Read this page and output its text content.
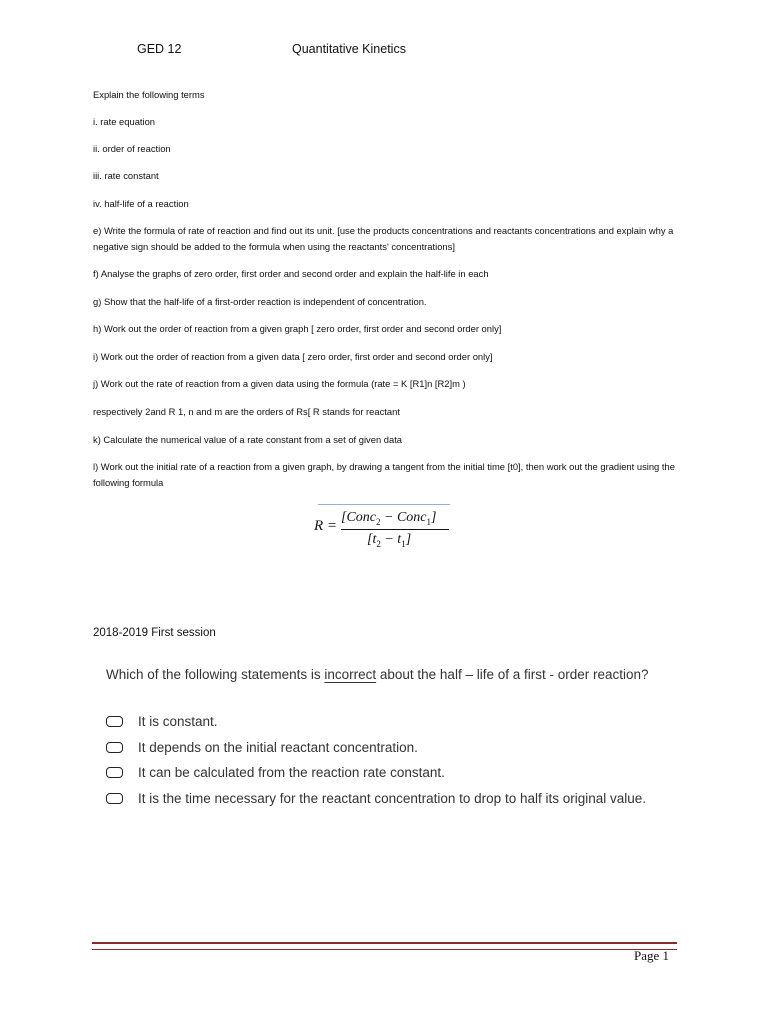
GED 12	Quantitative Kinetics

Explain the following terms

i. rate equation

ii. order of reaction

iii. rate constant

iv. half-life of a reaction

e) Write the formula of rate of reaction and find out its unit. [use the products concentrations and reactants concentrations and explain why a negative sign should be added to the formula when using the reactants' concentrations]

f) Analyse the graphs of zero order, first order and second order and explain the half-life in each

g) Show that the half-life of a first-order reaction is independent of concentration.

h) Work out the order of reaction from a given graph [ zero order, first order and second order only]

i) Work out the order of reaction from a given data [ zero order, first order and second order only]

j) Work out the rate of reaction from a given data using the formula (rate = K [R1]n [R2]m )

respectively 2and R 1, n and m are the orders of Rs[ R stands for reactant

k) Calculate the numerical value of a rate constant from a set of given data

l) Work out the initial rate of a reaction from a given graph, by drawing a tangent from the initial time [t0], then work out the gradient using the following formula

R =
[Conc$_2$ − Conc$_1$]
$[t_2 - t_1]$
2018-2019 First session

Which of the following statements is incorrect about the half – life of a first - order reaction?

It is constant.
It depends on the initial reactant concentration.
It can be calculated from the reaction rate constant.
It is the time necessary for the reactant concentration to drop to half its original value.
Page 1
